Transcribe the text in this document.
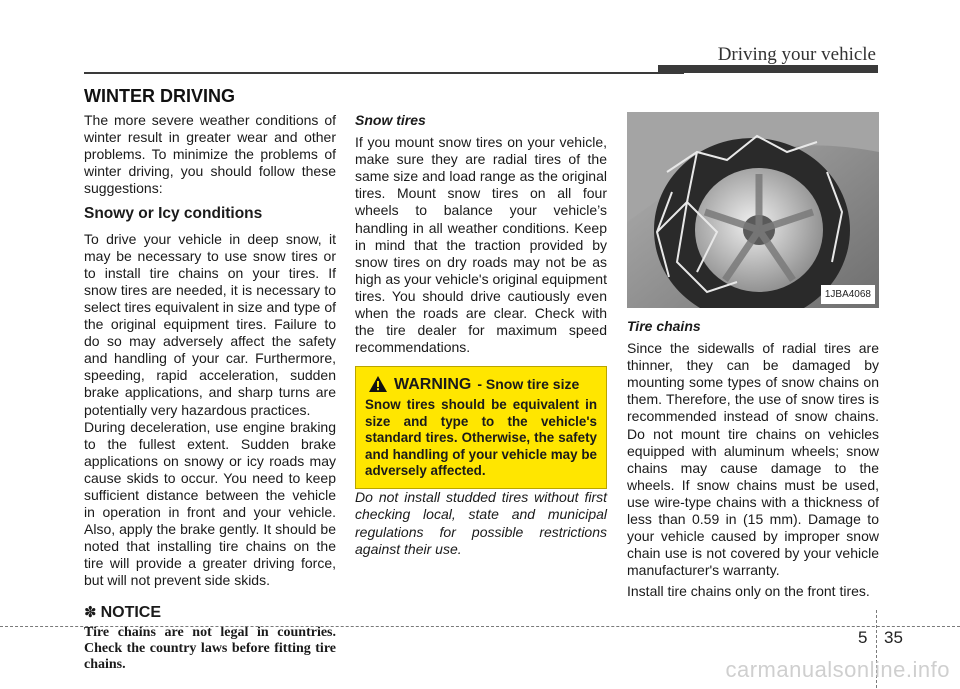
Driving your vehicle
WINTER DRIVING

The more severe weather conditions of winter result in greater wear and other problems. To minimize the problems of winter driving, you should follow these suggestions:

Snowy or Icy conditions

To drive your vehicle in deep snow, it may be necessary to use snow tires or to install tire chains on your tires. If snow tires are needed, it is necessary to select tires equivalent in size and type of the original equipment tires. Failure to do so may adversely affect the safety and handling of your car. Furthermore, speeding, rapid acceleration, sudden brake applications, and sharp turns are potentially very hazardous practices.

During deceleration, use engine braking to the fullest extent. Sudden brake applications on snowy or icy roads may cause skids to occur. You need to keep sufficient distance between the vehicle in operation in front and your vehicle. Also, apply the brake gently. It should be noted that installing tire chains on the tire will provide a greater driving force, but will not prevent side skids.

✽ NOTICE
Tire chains are not legal in countries. Check the country laws before fitting tire chains.
Snow tires

If you mount snow tires on your vehicle, make sure they are radial tires of the same size and load range as the original tires. Mount snow tires on all four wheels to balance your vehicle’s handling in all weather conditions. Keep in mind that the traction provided by snow tires on dry roads may not be as high as your vehicle's original equipment tires. You should drive cautiously even when the roads are clear. Check with the tire dealer for maximum speed recommendations.

WARNING - Snow tire size
Snow tires should be equivalent in size and type to the vehicle's standard tires. Otherwise, the safety and handling of your vehicle may be adversely affected.

Do not install studded tires without first checking local, state and municipal regulations for possible restrictions against their use.

1JBA4068
Tire chains

Since the sidewalls of radial tires are thinner, they can be damaged by mounting some types of snow chains on them. Therefore, the use of snow tires is recommended instead of snow chains. Do not mount tire chains on vehicles equipped with aluminum wheels; snow chains may cause damage to the wheels. If snow chains must be used, use wire-type chains with a thickness of less than 0.59 in (15 mm). Damage to your vehicle caused by improper snow chain use is not covered by your vehicle manufacturer's warranty.

Install tire chains only on the front tires.

5 35
carmanualsonline.info
